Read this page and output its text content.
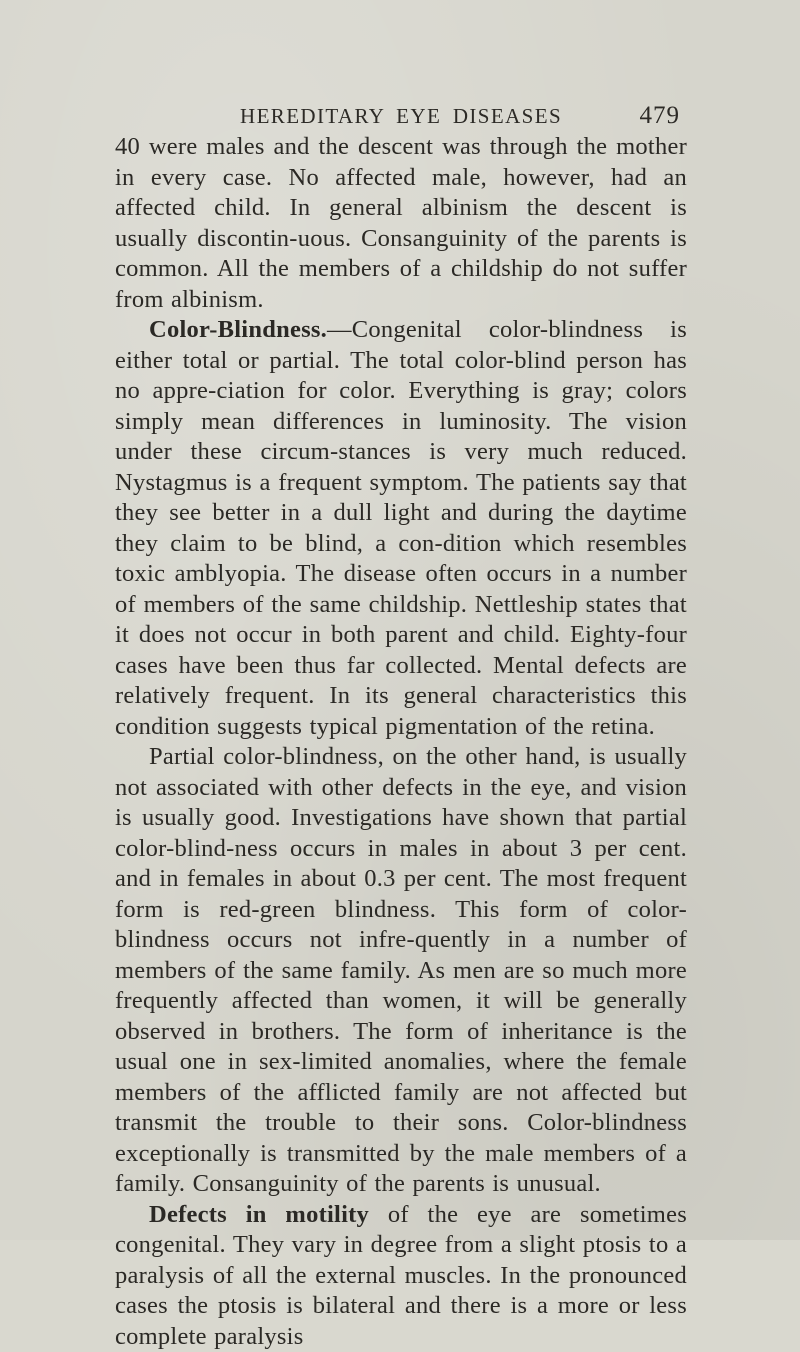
HEREDITARY EYE DISEASES	479

40 were males and the descent was through the mother in every case. No affected male, however, had an affected child. In general albinism the descent is usually discontin-uous. Consanguinity of the parents is common. All the members of a childship do not suffer from albinism.

Color-Blindness.—Congenital color-blindness is either total or partial. The total color-blind person has no appre-ciation for color. Everything is gray; colors simply mean differences in luminosity. The vision under these circum-stances is very much reduced. Nystagmus is a frequent symptom. The patients say that they see better in a dull light and during the daytime they claim to be blind, a con-dition which resembles toxic amblyopia. The disease often occurs in a number of members of the same childship. Nettleship states that it does not occur in both parent and child. Eighty-four cases have been thus far collected. Mental defects are relatively frequent. In its general characteristics this condition suggests typical pigmentation of the retina.

Partial color-blindness, on the other hand, is usually not associated with other defects in the eye, and vision is usually good. Investigations have shown that partial color-blind-ness occurs in males in about 3 per cent. and in females in about 0.3 per cent. The most frequent form is red-green blindness. This form of color-blindness occurs not infre-quently in a number of members of the same family. As men are so much more frequently affected than women, it will be generally observed in brothers. The form of inheritance is the usual one in sex-limited anomalies, where the female members of the afflicted family are not affected but transmit the trouble to their sons. Color-blindness exceptionally is transmitted by the male members of a family. Consanguinity of the parents is unusual.

Defects in motility of the eye are sometimes congenital. They vary in degree from a slight ptosis to a paralysis of all the external muscles. In the pronounced cases the ptosis is bilateral and there is a more or less complete paralysis
